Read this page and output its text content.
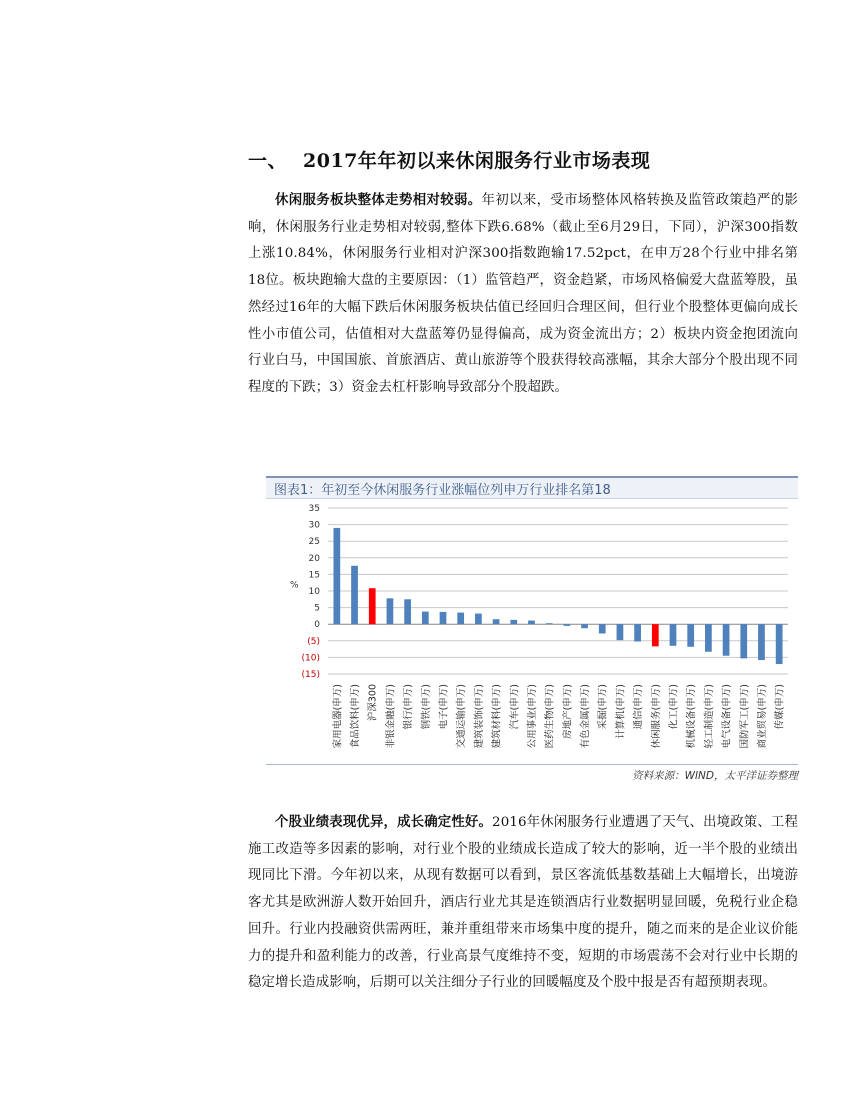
一、 2017年年初以来休闲服务行业市场表现
休闲服务板块整体走势相对较弱。年初以来，受市场整体风格转换及监管政策趋严的影响，休闲服务行业走势相对较弱,整体下跌6.68%（截止至6月29日，下同），沪深300指数上涨10.84%，休闲服务行业相对沪深300指数跑输17.52pct，在申万28个行业中排名第18位。板块跑输大盘的主要原因：（1）监管趋严，资金趋紧，市场风格偏爱大盘蓝筹股，虽然经过16年的大幅下跌后休闲服务板块估值已经回归合理区间，但行业个股整体更偏向成长性小市值公司，估值相对大盘蓝筹仍显得偏高，成为资金流出方；2）板块内资金抱团流向行业白马，中国国旅、首旅酒店、黄山旅游等个股获得较高涨幅，其余大部分个股出现不同程度的下跌；3）资金去杠杆影响导致部分个股超跌。
图表1：年初至今休闲服务行业涨幅位列申万行业排名第18
35
30
25
20
15
10
5
0
(5)
(10)
(15)
%
家用电器(申万) 食品饮料(申万) 沪深300 非银金融(申万) 银行(申万) 钢铁(申万) 电子(申万) 交通运输(申万) 建筑装饰(申万) 建筑材料(申万) 汽车(申万) 公用事业(申万) 医药生物(申万) 房地产(申万) 有色金属(申万) 采掘(申万) 计算机(申万) 通信(申万) 休闲服务(申万) 化工(申万) 机械设备(申万) 轻工制造(申万) 电气设备(申万) 国防军工(申万) 商业贸易(申万) 传媒(申万)
资料来源：WIND，太平洋证券整理
个股业绩表现优异，成长确定性好。2016年休闲服务行业遭遇了天气、出境政策、工程施工改造等多因素的影响，对行业个股的业绩成长造成了较大的影响，近一半个股的业绩出现同比下滑。今年初以来，从现有数据可以看到，景区客流低基数基础上大幅增长，出境游客尤其是欧洲游人数开始回升，酒店行业尤其是连锁酒店行业数据明显回暖，免税行业企稳回升。行业内投融资供需两旺，兼并重组带来市场集中度的提升，随之而来的是企业议价能力的提升和盈利能力的改善，行业高景气度维持不变，短期的市场震荡不会对行业中长期的稳定增长造成影响，后期可以关注细分子行业的回暖幅度及个股中报是否有超预期表现。
